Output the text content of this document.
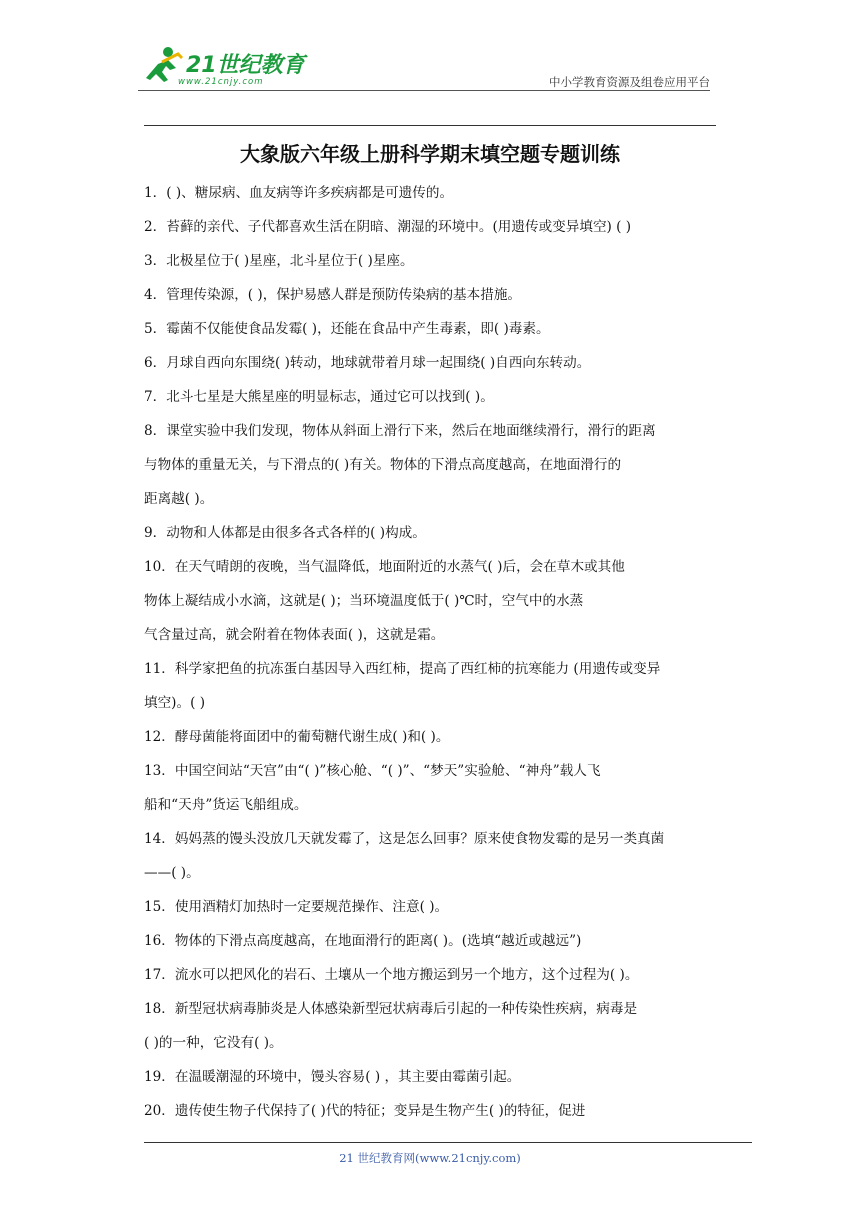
21世纪教育
www.21cnjy.com	中小学教育资源及组卷应用平台
大象版六年级上册科学期末填空题专题训练

1．( )、糖尿病、血友病等许多疾病都是可遗传的。

2．苔藓的亲代、子代都喜欢生活在阴暗、潮湿的环境中。(用遗传或变异填空) ( )

3．北极星位于( )星座，北斗星位于( )星座。

4．管理传染源，( )，保护易感人群是预防传染病的基本措施。

5．霉菌不仅能使食品发霉( )，还能在食品中产生毒素，即( )毒素。

6．月球自西向东围绕( )转动，地球就带着月球一起围绕( )自西向东转动。

7．北斗七星是大熊星座的明显标志，通过它可以找到( )。

8．课堂实验中我们发现，物体从斜面上滑行下来，然后在地面继续滑行，滑行的距离

与物体的重量无关，与下滑点的( )有关。物体的下滑点高度越高，在地面滑行的

距离越( )。

9．动物和人体都是由很多各式各样的( )构成。

10．在天气晴朗的夜晚，当气温降低，地面附近的水蒸气( )后，会在草木或其他

物体上凝结成小水滴，这就是( )；当环境温度低于( )℃时，空气中的水蒸

气含量过高，就会附着在物体表面( )，这就是霜。

11．科学家把鱼的抗冻蛋白基因导入西红柿，提高了西红柿的抗寒能力 (用遗传或变异

填空)。( )

12．酵母菌能将面团中的葡萄糖代谢生成( )和( )。

13．中国空间站“天宫”由“( )”核心舱、“( )”、“梦天”实验舱、“神舟”载人飞

船和“天舟”货运飞船组成。

14．妈妈蒸的馒头没放几天就发霉了，这是怎么回事？原来使食物发霉的是另一类真菌

——( )。

15．使用酒精灯加热时一定要规范操作、注意( )。

16．物体的下滑点高度越高，在地面滑行的距离( )。(选填“越近或越远”)

17．流水可以把风化的岩石、土壤从一个地方搬运到另一个地方，这个过程为( )。

18．新型冠状病毒肺炎是人体感染新型冠状病毒后引起的一种传染性疾病，病毒是

( )的一种，它没有( )。

19．在温暖潮湿的环境中，馒头容易( ) ，其主要由霉菌引起。

20．遗传使生物子代保持了( )代的特征；变异是生物产生( )的特征，促进

21 世纪教育网(www.21cnjy.com)
